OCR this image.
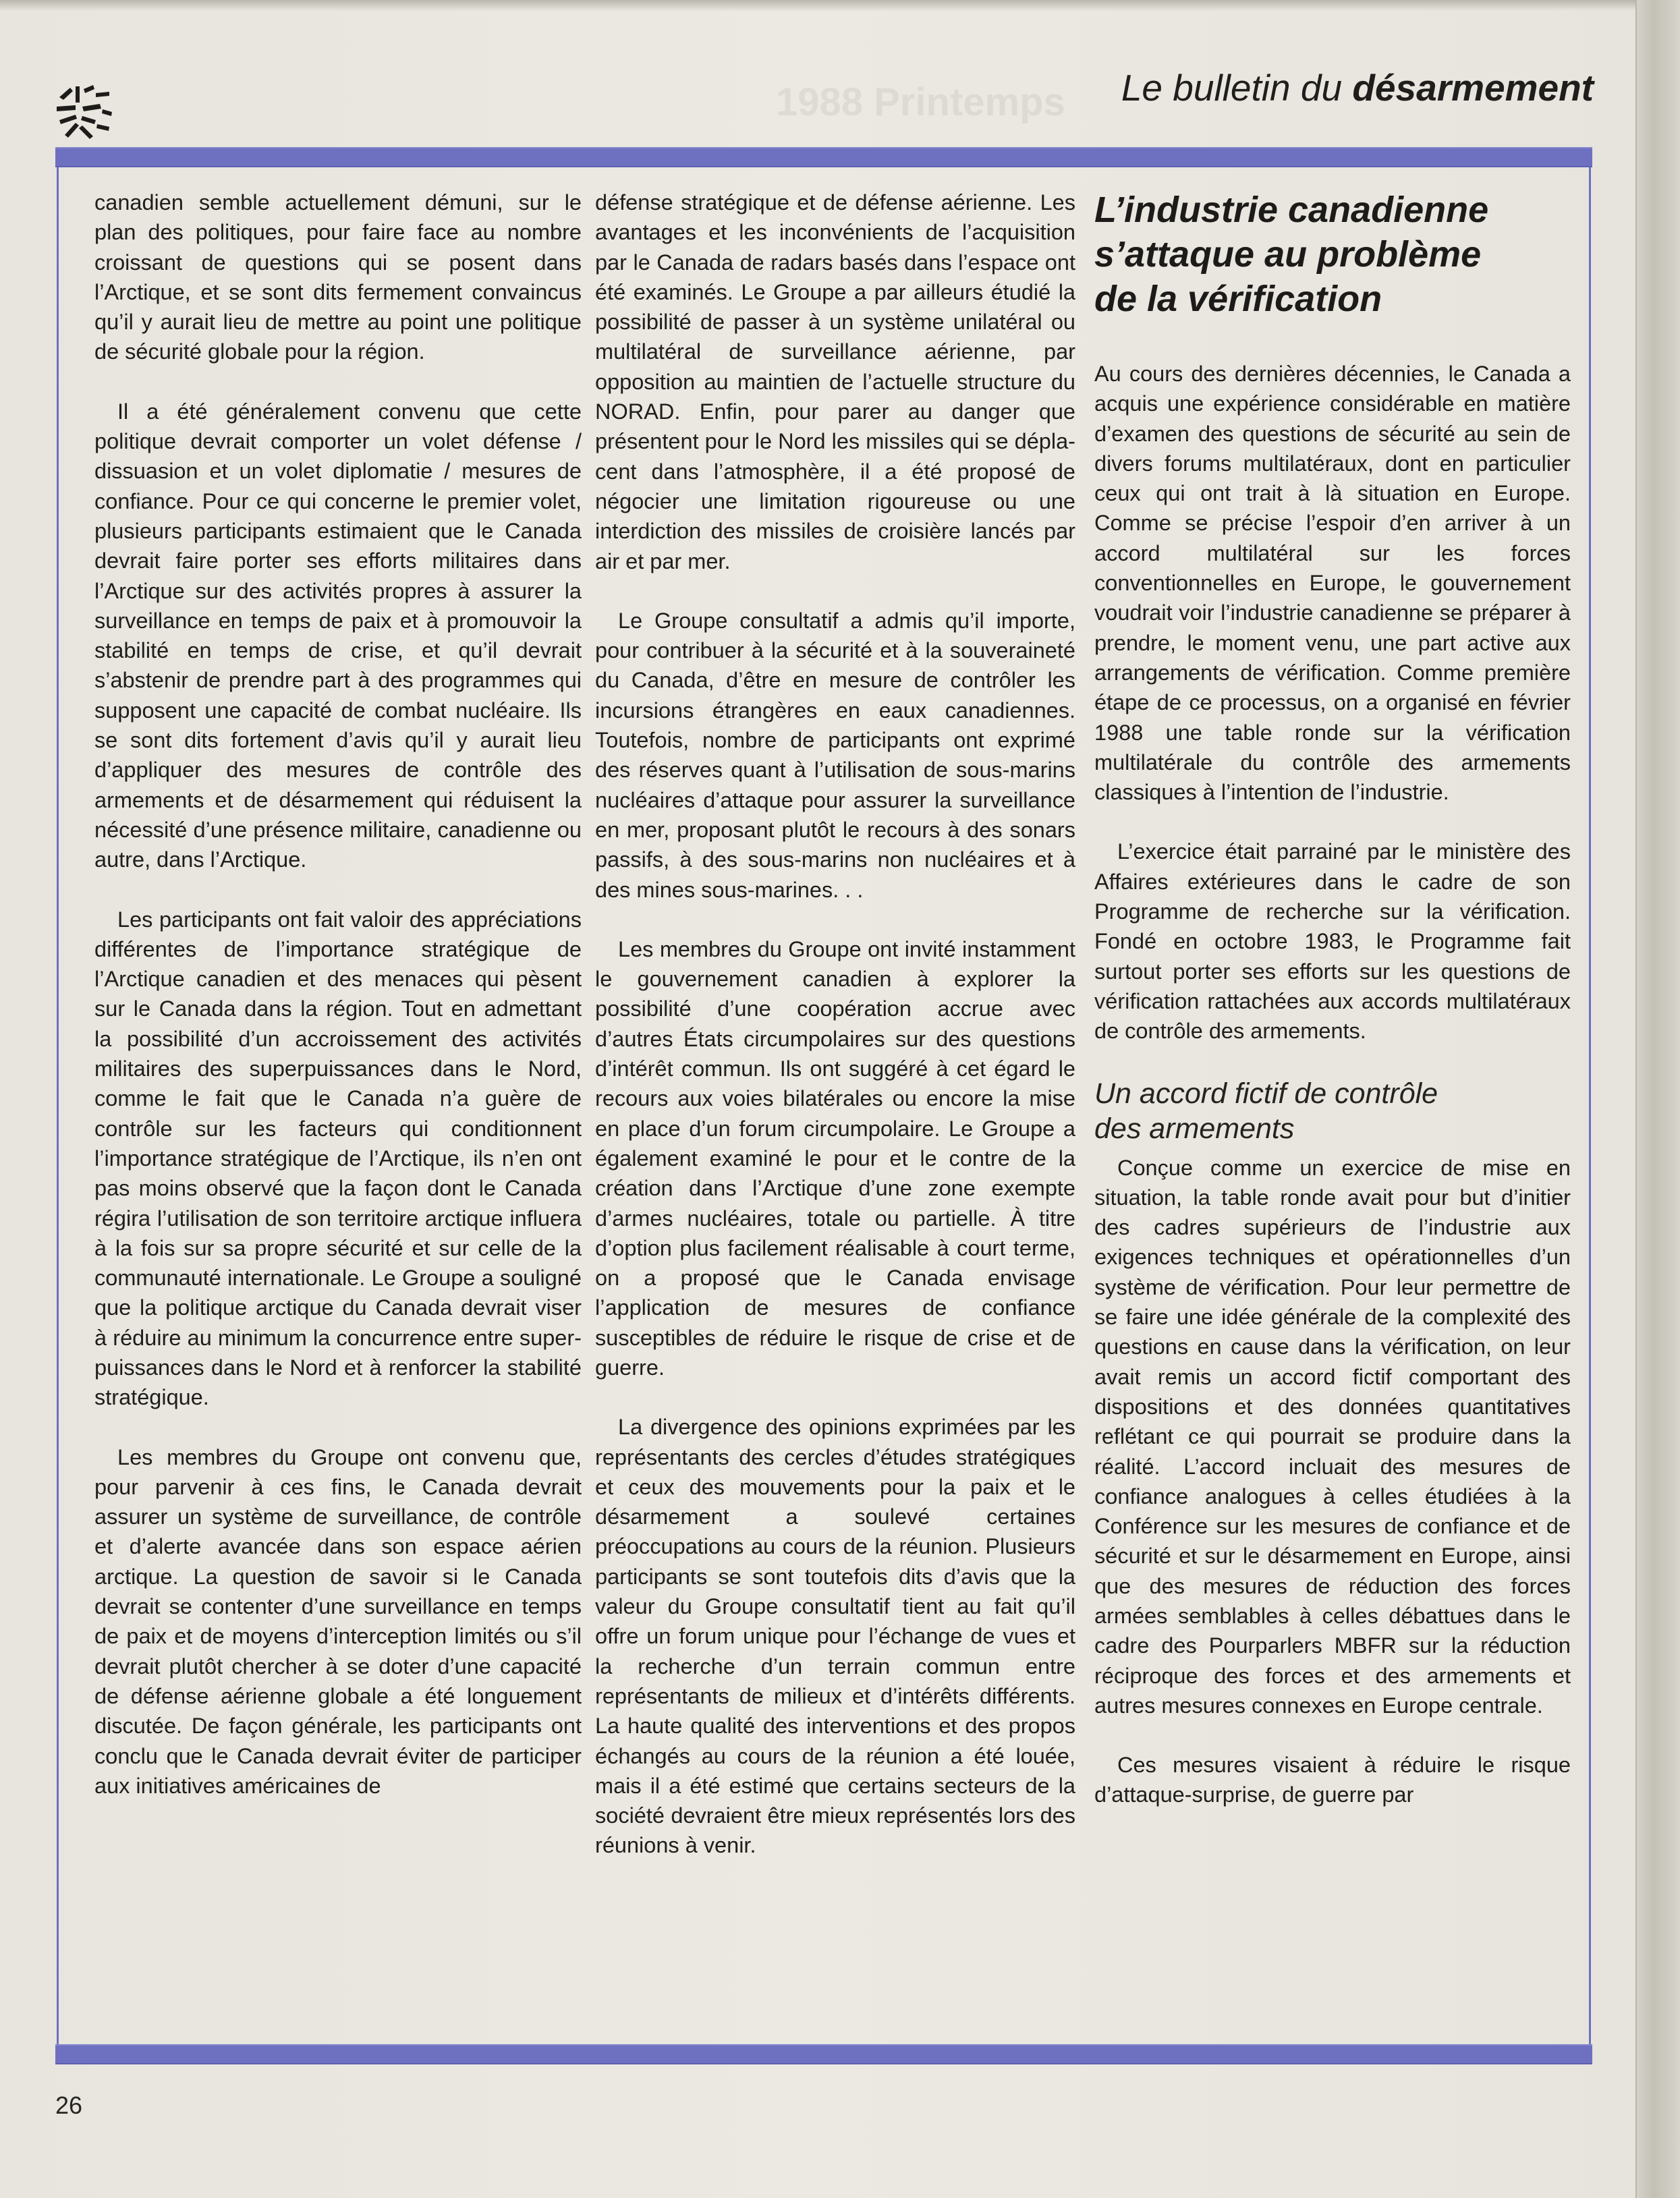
1988 Printemps Le bulletin du désarmement

canadien semble actuellement démuni, sur le plan des politiques, pour faire face au nombre croissant de questions qui se posent dans l’Arctique, et se sont dits fermement convaincus qu’il y aurait lieu de mettre au point une politique de sécurité globale pour la région.

Il a été généralement convenu que cette politique devrait comporter un volet défense / dissuasion et un volet diplomatie / mesures de confiance. Pour ce qui concerne le premier volet, plusieurs participants estimaient que le Canada devrait faire porter ses efforts militaires dans l’Arctique sur des activités propres à assurer la surveillance en temps de paix et à promouvoir la stabilité en temps de crise, et qu’il devrait s’abstenir de prendre part à des programmes qui supposent une capacité de combat nucléaire. Ils se sont dits fortement d’avis qu’il y aurait lieu d’appliquer des mesures de contrôle des armements et de désarmement qui réduisent la nécessité d’une présence militaire, canadienne ou autre, dans l’Arctique.

Les participants ont fait valoir des appréciations différentes de l’importance stratégique de l’Arctique canadien et des menaces qui pèsent sur le Canada dans la région. Tout en admettant la possibilité d’un accroissement des activités militaires des superpuissances dans le Nord, comme le fait que le Canada n’a guère de contrôle sur les facteurs qui conditionnent l’importance stratégique de l’Arctique, ils n’en ont pas moins observé que la façon dont le Canada régira l’utilisation de son territoire arctique influera à la fois sur sa propre sécurité et sur celle de la communauté internationale. Le Groupe a souligné que la politique arctique du Canada devrait viser à réduire au minimum la concurrence entre superpuissances dans le Nord et à renforcer la stabilité stratégique.

Les membres du Groupe ont convenu que, pour parvenir à ces fins, le Canada devrait assurer un système de surveillance, de contrôle et d’alerte avancée dans son espace aérien arctique. La question de savoir si le Canada devrait se contenter d’une surveillance en temps de paix et de moyens d’interception limités ou s’il devrait plutôt chercher à se doter d’une capacité de défense aérienne globale a été longuement discutée. De façon générale, les participants ont conclu que le Canada devrait éviter de participer aux initiatives américaines de

défense stratégique et de défense aérienne. Les avantages et les inconvénients de l’acquisition par le Canada de radars basés dans l’espace ont été examinés. Le Groupe a par ailleurs étudié la possibilité de passer à un système unilatéral ou multilatéral de surveillance aérienne, par opposition au maintien de l’actuelle structure du NORAD. Enfin, pour parer au danger que présentent pour le Nord les missiles qui se déplacent dans l’atmosphère, il a été proposé de négocier une limitation rigoureuse ou une interdiction des missiles de croisière lancés par air et par mer.

Le Groupe consultatif a admis qu’il importe, pour contribuer à la sécurité et à la souveraineté du Canada, d’être en mesure de contrôler les incursions étrangères en eaux canadiennes. Toutefois, nombre de participants ont exprimé des réserves quant à l’utilisation de sous-marins nucléaires d’attaque pour assurer la surveillance en mer, proposant plutôt le recours à des sonars passifs, à des sous-marins non nucléaires et à des mines sous-marines. . .

Les membres du Groupe ont invité instamment le gouvernement canadien à explorer la possibilité d’une coopération accrue avec d’autres États circumpolaires sur des questions d’intérêt commun. Ils ont suggéré à cet égard le recours aux voies bilatérales ou encore la mise en place d’un forum circumpolaire. Le Groupe a également examiné le pour et le contre de la création dans l’Arctique d’une zone exempte d’armes nucléaires, totale ou partielle. À titre d’option plus facilement réalisable à court terme, on a proposé que le Canada envisage l’application de mesures de confiance susceptibles de réduire le risque de crise et de guerre.

La divergence des opinions exprimées par les représentants des cercles d’études stratégiques et ceux des mouvements pour la paix et le désarmement a soulevé certaines préoccupations au cours de la réunion. Plusieurs participants se sont toutefois dits d’avis que la valeur du Groupe consultatif tient au fait qu’il offre un forum unique pour l’échange de vues et la recherche d’un terrain commun entre représentants de milieux et d’intérêts différents. La haute qualité des interventions et des propos échangés au cours de la réunion a été louée, mais il a été estimé que certains secteurs de la société devraient être mieux représentés lors des réunions à venir.

L’industrie canadienne
s’attaque au problème
de la vérification

Au cours des dernières décennies, le Canada a acquis une expérience considérable en matière d’examen des questions de sécurité au sein de divers forums multilatéraux, dont en particulier ceux qui ont trait à là situation en Europe. Comme se précise l’espoir d’en arriver à un accord multilatéral sur les forces conventionnelles en Europe, le gouvernement voudrait voir l’industrie canadienne se préparer à prendre, le moment venu, une part active aux arrangements de vérification. Comme première étape de ce processus, on a organisé en février 1988 une table ronde sur la vérification multilatérale du contrôle des armements classiques à l’intention de l’industrie.

L’exercice était parrainé par le ministère des Affaires extérieures dans le cadre de son Programme de recherche sur la vérification. Fondé en octobre 1983, le Programme fait surtout porter ses efforts sur les questions de vérification rattachées aux accords multilatéraux de contrôle des armements.

Un accord fictif de contrôle
des armements

Conçue comme un exercice de mise en situation, la table ronde avait pour but d’initier des cadres supérieurs de l’industrie aux exigences techniques et opérationnelles d’un système de vérification. Pour leur permettre de se faire une idée générale de la complexité des questions en cause dans la vérification, on leur avait remis un accord fictif comportant des dispositions et des données quantitatives reflétant ce qui pourrait se produire dans la réalité. L’accord incluait des mesures de confiance analogues à celles étudiées à la Conférence sur les mesures de confiance et de sécurité et sur le désarmement en Europe, ainsi que des mesures de réduction des forces armées semblables à celles débattues dans le cadre des Pourparlers MBFR sur la réduction réciproque des forces et des armements et autres mesures connexes en Europe centrale.

Ces mesures visaient à réduire le risque d’attaque-surprise, de guerre par

26
